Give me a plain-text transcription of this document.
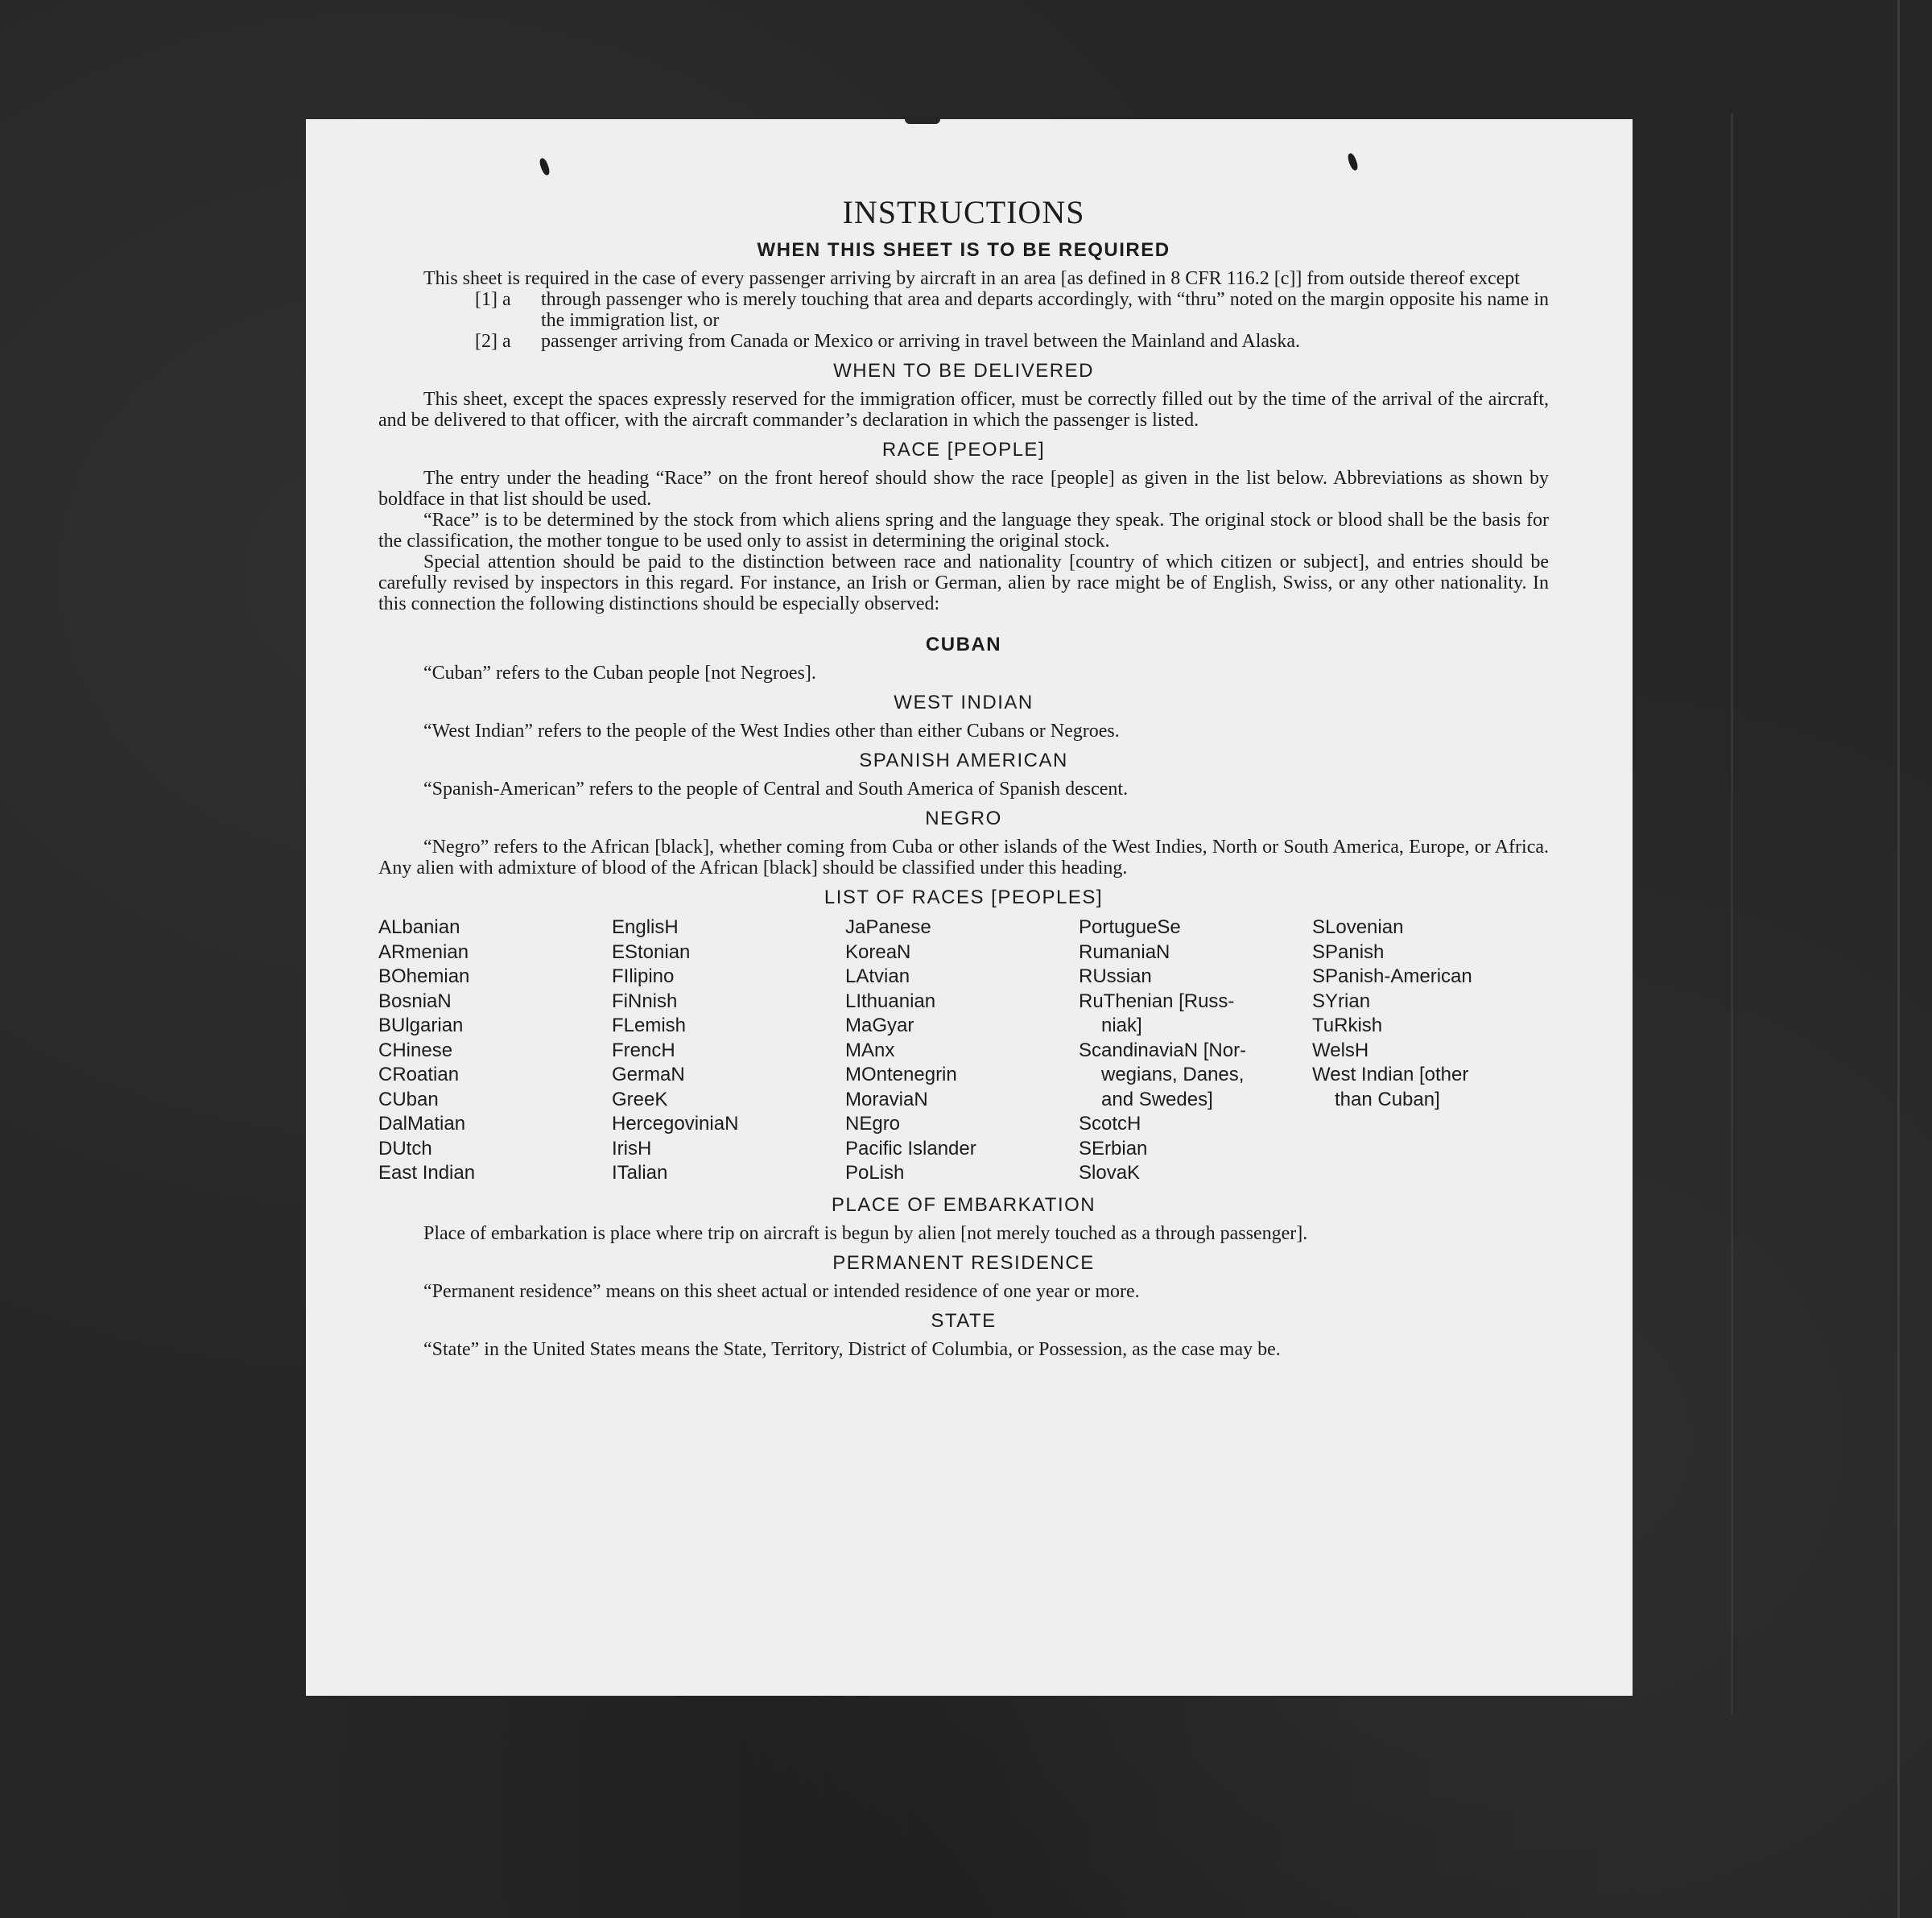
INSTRUCTIONS
WHEN THIS SHEET IS TO BE REQUIRED

This sheet is required in the case of every passenger arriving by aircraft in an area [as defined in 8 CFR 116.2 [c]] from outside thereof except

[1] a	through passenger who is merely touching that area and departs accordingly, with “thru” noted on the margin opposite his name in the immigration list, or
[2] a	passenger arriving from Canada or Mexico or arriving in travel between the Mainland and Alaska.
WHEN TO BE DELIVERED

This sheet, except the spaces expressly reserved for the immigration officer, must be correctly filled out by the time of the arrival of the aircraft, and be delivered to that officer, with the aircraft commander’s declaration in which the passenger is listed.

RACE [PEOPLE]

The entry under the heading “Race” on the front hereof should show the race [people] as given in the list below. Abbreviations as shown by boldface in that list should be used.

“Race” is to be determined by the stock from which aliens spring and the language they speak. The original stock or blood shall be the basis for the classification, the mother tongue to be used only to assist in determining the original stock.

Special attention should be paid to the distinction between race and nationality [country of which citizen or subject], and entries should be carefully revised by inspectors in this regard. For instance, an Irish or German, alien by race might be of English, Swiss, or any other nationality. In this connection the following distinctions should be especially observed:

CUBAN

“Cuban” refers to the Cuban people [not Negroes].

WEST INDIAN

“West Indian” refers to the people of the West Indies other than either Cubans or Negroes.

SPANISH AMERICAN

“Spanish-American” refers to the people of Central and South America of Spanish descent.

NEGRO

“Negro” refers to the African [black], whether coming from Cuba or other islands of the West Indies, North or South America, Europe, or Africa. Any alien with admixture of blood of the African [black] should be classified under this heading.

LIST OF RACES [PEOPLES]
ALbanian
ARmenian
BOhemian
BosniaN
BUlgarian
CHinese
CRoatian
CUban
DalMatian
DUtch
East Indian
EnglisH
EStonian
FIlipino
FiNnish
FLemish
FrencH
GermaN
GreeK
HercegoviniaN
IrisH
ITalian
JaPanese
KoreaN
LAtvian
LIthuanian
MaGyar
MAnx
MOntenegrin
MoraviaN
NEgro
Pacific Islander
PoLish
PortugueSe
RumaniaN
RUssian
RuThenian [Russ-
niak]
ScandinaviaN [Nor-
wegians, Danes,
and Swedes]
ScotcH
SErbian
SlovaK
SLovenian
SPanish
SPanish-American
SYrian
TuRkish
WelsH
West Indian [other
than Cuban]
PLACE OF EMBARKATION

Place of embarkation is place where trip on aircraft is begun by alien [not merely touched as a through passenger].

PERMANENT RESIDENCE

“Permanent residence” means on this sheet actual or intended residence of one year or more.

STATE

“State” in the United States means the State, Territory, District of Columbia, or Possession, as the case may be.
